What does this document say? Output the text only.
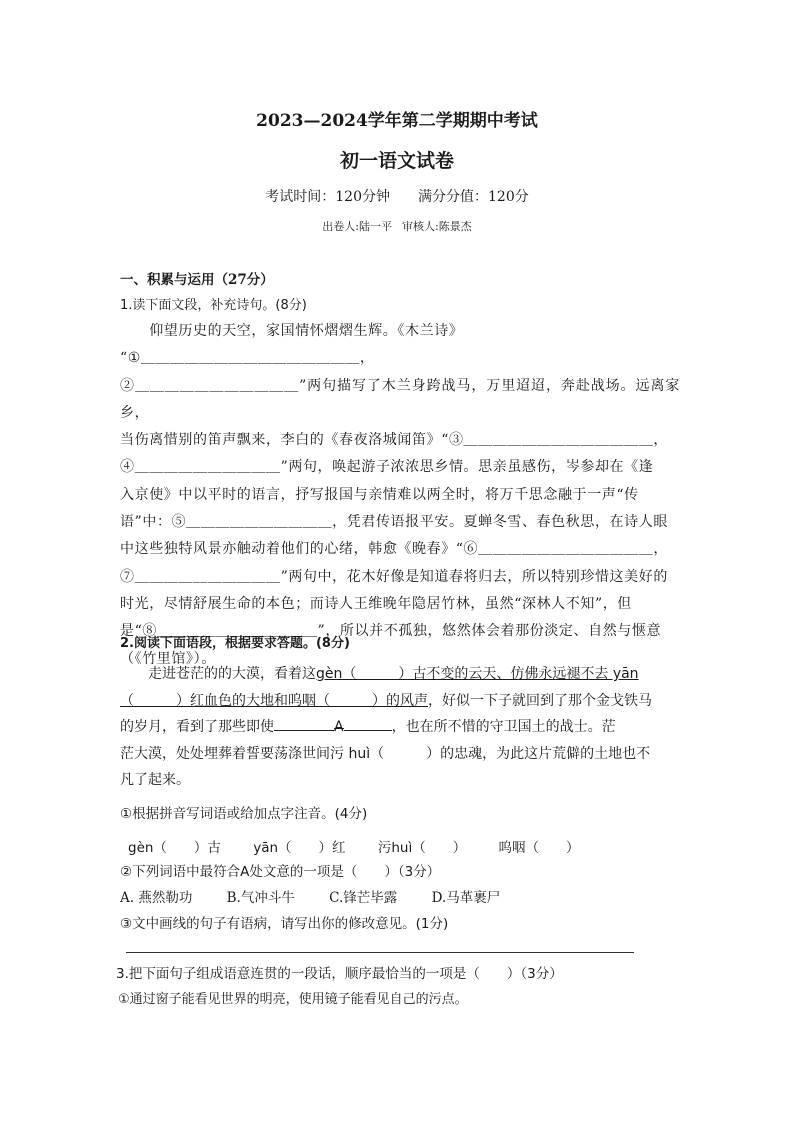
2023—2024学年第二学期期中考试
初一语文试卷
考试时间：120分钟 满分分值：120分
出卷人:陆一平 审核人:陈景杰
一、积累与运用（27分）
1.读下面文段，补充诗句。(8分)

　　仰望历史的天空，家国情怀熠熠生辉。《木兰诗》

“①＿＿＿＿＿＿＿＿＿＿＿＿＿＿＿，

②＿＿＿＿＿＿＿＿＿＿＿”两句描写了木兰身跨战马，万里迢迢，奔赴战场。远离家乡，

当伤离惜别的笛声飘来，李白的《春夜洛城闻笛》“③＿＿＿＿＿＿＿＿＿＿＿＿＿，

④＿＿＿＿＿＿＿＿＿＿”两句，唤起游子浓浓思乡情。思亲虽感伤，岑参却在《逢

入京使》中以平时的语言，抒写报国与亲情难以两全时，将万千思念融于一声“传

语”中：⑤＿＿＿＿＿＿＿＿＿＿，凭君传语报平安。夏蝉冬雪、春色秋思，在诗人眼

中这些独特风景亦触动着他们的心绪，韩愈《晚春》“⑥＿＿＿＿＿＿＿＿＿＿＿＿，

⑦＿＿＿＿＿＿＿＿＿＿”两句中，花木好像是知道春将归去，所以特别珍惜这美好的

时光，尽情舒展生命的本色；而诗人王维晚年隐居竹林，虽然“深林人不知”，但

是“⑧＿＿＿＿＿＿＿＿＿＿＿”，所以并不孤独，悠然体会着那份淡定、自然与惬意

（《竹里馆》）。

2.阅读下面语段，根据要求答题。(8分)

　　走进苍茫的的大漠，看着这gèn（　　　）古不变的云天、仿佛永远褪不去 yān

（　　　）红血色的大地和呜咽（　　　）的风声，好似一下子就回到了那个金戈铁马

的岁月，看到了那些即使	A	，也在所不惜的守卫国土的战士。茫

茫大漠，处处埋葬着誓要荡涤世间污 huì（　　　）的忠魂，为此这片荒僻的土地也不

凡了起来。

①根据拼音写词语或给加点字注音。(4分)
gèn（　　）古 yān（　　）红 污huì（　　） 呜咽（　　）
②下列词语中最符合A处文意的一项是（　　）（3分）
A. 燕然勒功	B.气冲斗牛	C.锋芒毕露	D.马革裹尸
③文中画线的句子有语病，请写出你的修改意见。(1分)
3.把下面句子组成语意连贯的一段话，顺序最恰当的一项是（　　）（3分）
①通过窗子能看见世界的明亮，使用镜子能看见自己的污点。
